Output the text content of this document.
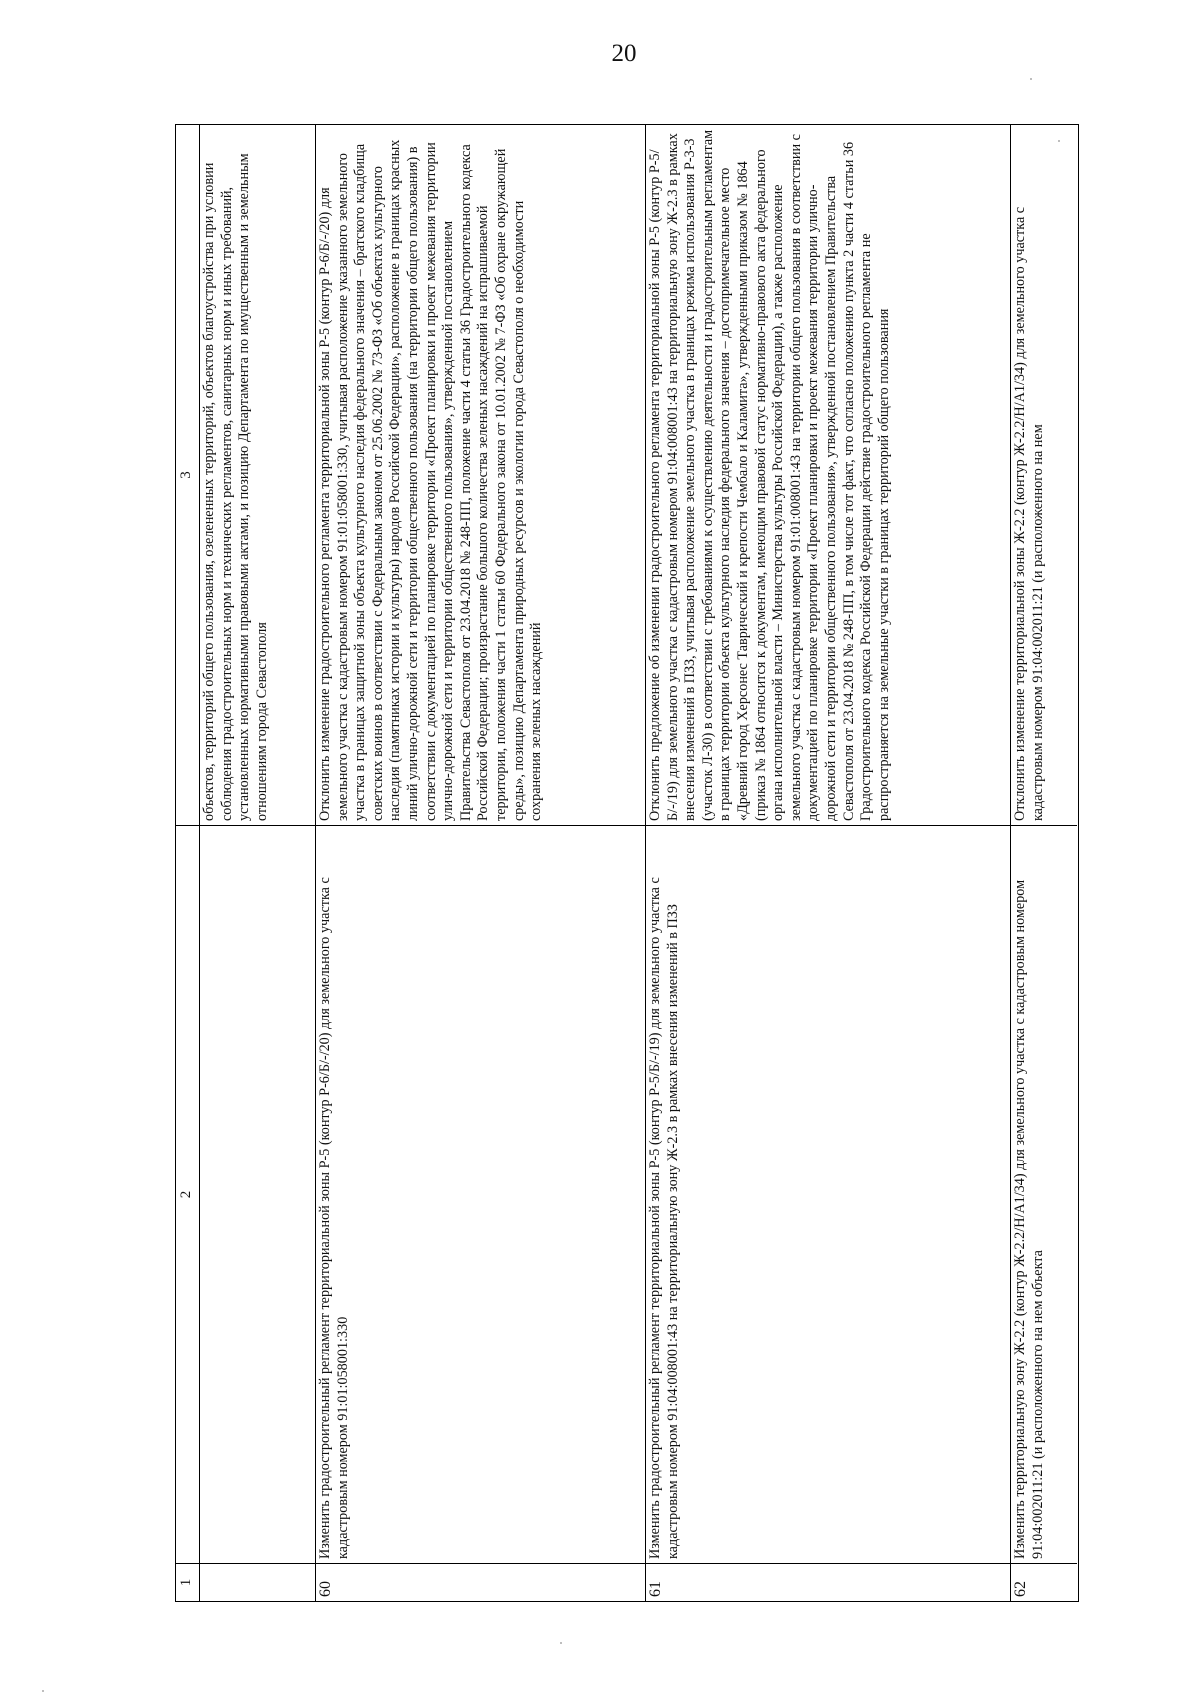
20
1
2
3 объектов, территорий общего пользования, озелененных территорий, объектов благоустройства при условии соблюдения градостроительных норм и технических регламентов, санитарных норм и иных требований, установленных нормативными правовыми актами, и позицию Департамента по имущественным и земельным отношениям города Севастополя
60
Изменить градостроительный регламент территориальной зоны Р-5 (контур Р-6/Б/-/20) для земельного участка с кадастровым номером 91:01:058001:330
Отклонить изменение градостроительного регламента территориальной зоны Р-5 (контур Р-6/Б/-/20) для земельного участка с кадастровым номером 91:01:058001:330, учитывая расположение указанного земельного участка в границах защитной зоны объекта культурного наследия федерального значения – братского кладбища советских воинов в соответствии с Федеральным законом от 25.06.2002 № 73-ФЗ «Об объектах культурного наследия (памятниках истории и культуры) народов Российской Федерации», расположение в границах красных линий улично-дорожной сети и территории общественного пользования (на территории общего пользования) в соответствии с документацией по планировке территории «Проект планировки и проект межевания территории улично-дорожной сети и территории общественного пользования», утвержденной постановлением Правительства Севастополя от 23.04.2018 № 248-ПП, положение части 4 статьи 36 Градостроительного кодекса Российской Федерации; произрастание большого количества зеленых насаждений на испрашиваемой территории, положения части 1 статьи 60 Федерального закона от 10.01.2002 № 7-ФЗ «Об охране окружающей среды», позицию Департамента природных ресурсов и экологии города Севастополя о необходимости сохранения зеленых насаждений
61
Изменить градостроительный регламент территориальной зоны Р-5 (контур Р-5/Б/-/19) для земельного участка с кадастровым номером 91:04:008001:43 на территориальную зону Ж-2.3 в рамках внесения изменений в ПЗЗ
Отклонить предложение об изменении градостроительного регламента территориальной зоны Р-5 (контур Р-5/Б/-/19) для земельного участка с кадастровым номером 91:04:008001:43 на территориальную зону Ж-2.3 в рамках внесения изменений в ПЗЗ, учитывая расположение земельного участка в границах режима использования Р-3-3 (участок Л-30) в соответствии с требованиями к осуществлению деятельности и градостроительным регламентам в границах территории объекта культурного наследия федерального значения – достопримечательное место «Древний город Херсонес Таврический и крепости Чембало и Каламита», утвержденными приказом № 1864 (приказ № 1864 относится к документам, имеющим правовой статус нормативно-правового акта федерального органа исполнительной власти – Министерства культуры Российской Федерации), а также расположение земельного участка с кадастровым номером 91:01:008001:43 на территории общего пользования в соответствии с документацией по планировке территории «Проект планировки и проект межевания территории улично-дорожной сети и территории общественного пользования», утвержденной постановлением Правительства Севастополя от 23.04.2018 № 248-ПП, в том числе тот факт, что согласно положению пункта 2 части 4 статьи 36 Градостроительного кодекса Российской Федерации действие градостроительного регламента не распространяется на земельные участки в границах территорий общего пользования
62
Изменить территориальную зону Ж-2.2 (контур Ж-2.2/Н/А1/34) для земельного участка с кадастровым номером 91:04:002011:21 (и расположенного на нем объекта
Отклонить изменение территориальной зоны Ж-2.2 (контур Ж-2.2/Н/А1/34) для земельного участка с кадастровым номером 91:04:002011:21 (и расположенного на нем
